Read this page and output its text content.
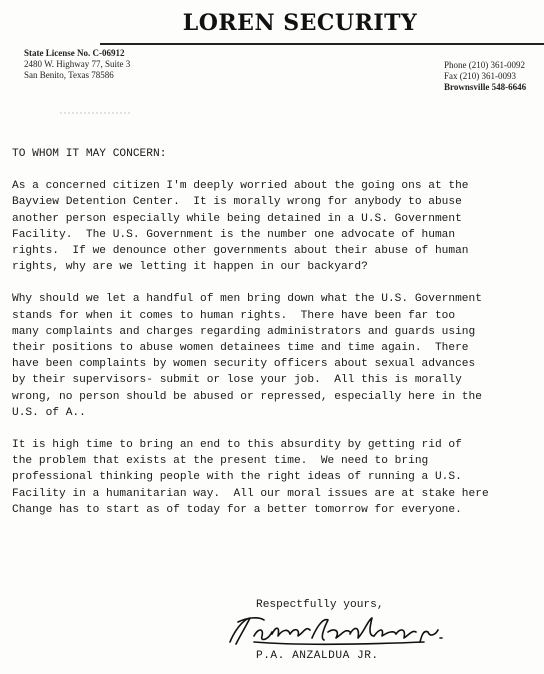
LOREN SECURITY
State License No. C-06912
2480 W. Highway 77, Suite 3
San Benito, Texas 78586
Phone (210) 361-0092
Fax (210) 361-0093
Brownsville 548-6646
TO WHOM IT MAY CONCERN:
As a concerned citizen I'm deeply worried about the going ons at the
Bayview Detention Center.  It is morally wrong for anybody to abuse
another person especially while being detained in a U.S. Government
Facility.  The U.S. Government is the number one advocate of human
rights.  If we denounce other governments about their abuse of human
rights, why are we letting it happen in our backyard?
Why should we let a handful of men bring down what the U.S. Government
stands for when it comes to human rights.  There have been far too
many complaints and charges regarding administrators and guards using
their positions to abuse women detainees time and time again.  There
have been complaints by women security officers about sexual advances
by their supervisors- submit or lose your job.  All this is morally
wrong, no person should be abused or repressed, especially here in the
U.S. of A..
It is high time to bring an end to this absurdity by getting rid of
the problem that exists at the present time.  We need to bring
professional thinking people with the right ideas of running a U.S.
Facility in a humanitarian way.  All our moral issues are at stake here
Change has to start as of today for a better tomorrow for everyone.
Respectfully yours,
P.A. ANZALDUA JR.
